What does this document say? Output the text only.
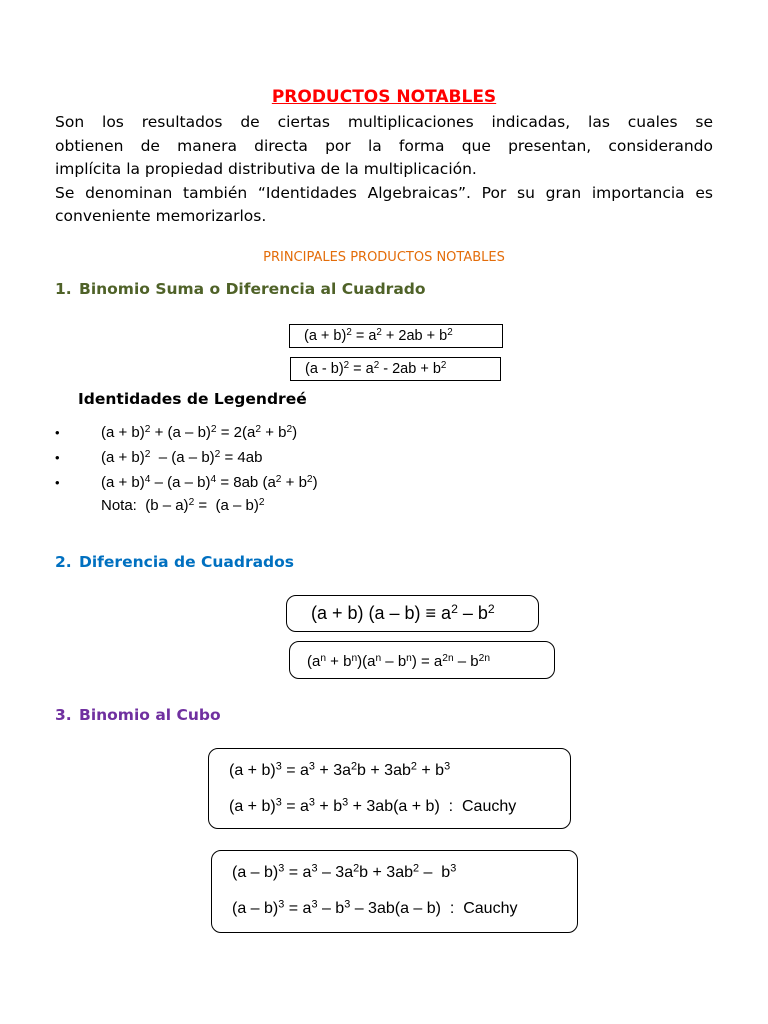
PRODUCTOS NOTABLES

Son los resultados de ciertas multiplicaciones indicadas, las cuales se

obtienen de manera directa por la forma que presentan, considerando

implícita la propiedad distributiva de la multiplicación.

Se denominan también “Identidades Algebraicas”. Por su gran importancia es

conveniente memorizarlos.

PRINCIPALES PRODUCTOS NOTABLES
1. Binomio Suma o Diferencia al Cuadrado
$(a + b)^2 = a^2 + 2ab + b^2$
$(a - b)^2 = a^2 - 2ab + b^2$
Identidades de Legendreé
•	$(a + b)^2 + (a - b)^2 = 2(a^2 + b^2)$
•	$(a + b)^2 - (a - b)^2 = 4ab$
•	$(a + b)^4 - (a - b)^4 = 8ab$ $(a^2 + b^2)$
Nota:  (b – a)$^2$ =  (a – b)$^2$
2. Diferencia de Cuadrados
(a + b) $(a - b) \equiv a^2 - b^2$
$(a^n + b^n)(a^n - b^n) = a^{2n} - b^{2n}$
3. Binomio al Cubo
$(a + b)^3 = a^3 + 3a^2b + 3ab^2 + b^3$
$(a + b)^3 = a^3 + b^3 + 3ab(a + b)$  :  Cauchy
$(a - b)^3 = a^3 - 3a^2b + 3ab^2 - b^3$
$(a - b)^3 = a^3 - b^3 - 3ab(a - b)$  :  Cauchy
